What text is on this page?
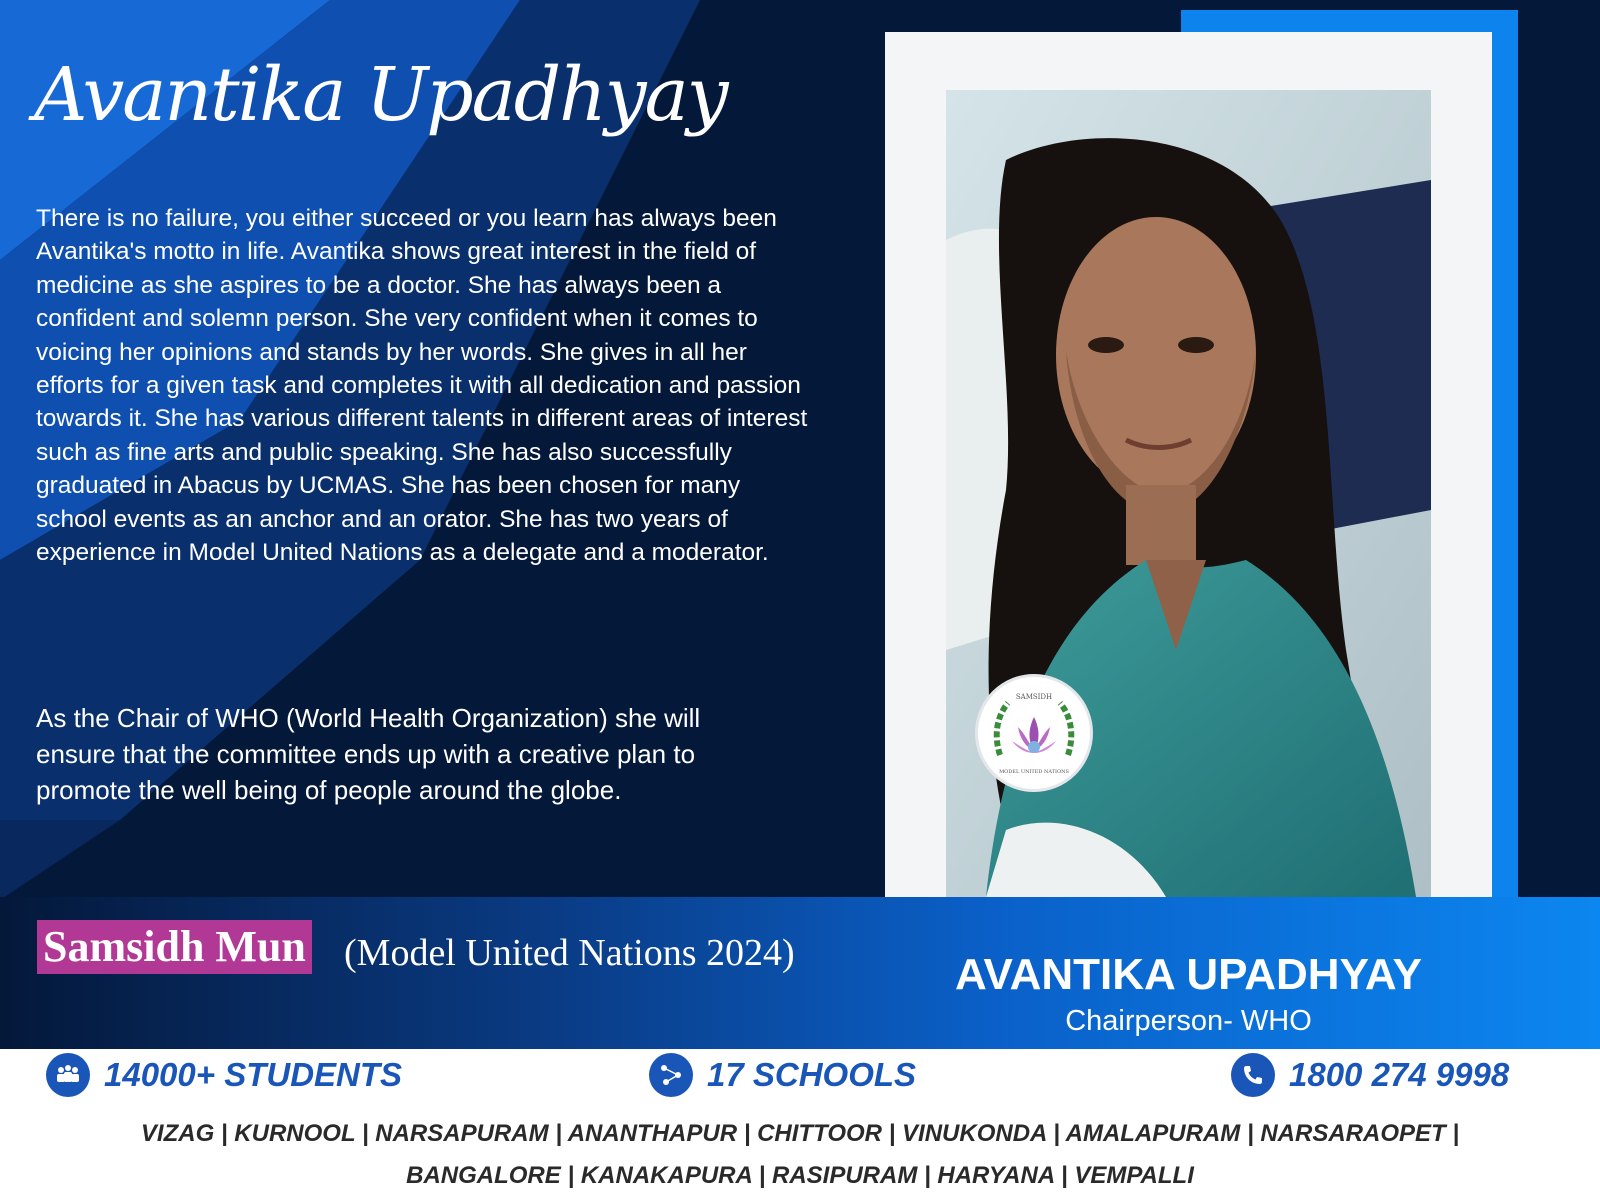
SAMSIDH
MODEL UNITED NATIONS
Avantika Upadhyay

There is no failure, you either succeed or you learn has always been Avantika's motto in life. Avantika shows great interest in the field of medicine as she aspires to be a doctor. She has always been a confident and solemn person. She very confident when it comes to voicing her opinions and stands by her words. She gives in all her efforts for a given task and completes it with all dedication and passion towards it. She has various different talents in different areas of interest such as fine arts and public speaking. She has also successfully graduated in Abacus by UCMAS. She has been chosen for many school events as an anchor and an orator. She has two years of experience in Model United Nations as a delegate and a moderator.

As the Chair of WHO (World Health Organization) she will ensure that the committee ends up with a creative plan to promote the well being of people around the globe.

Samsidh Mun (Model United Nations 2024)	AVANTIKA UPADHYAY
Chairperson- WHO
14000+ STUDENTS	17 SCHOOLS	1800 274 9998
VIZAG | KURNOOL | NARSAPURAM | ANANTHAPUR | CHITTOOR | VINUKONDA | AMALAPURAM | NARSARAOPET |
BANGALORE | KANAKAPURA | RASIPURAM | HARYANA | VEMPALLI
